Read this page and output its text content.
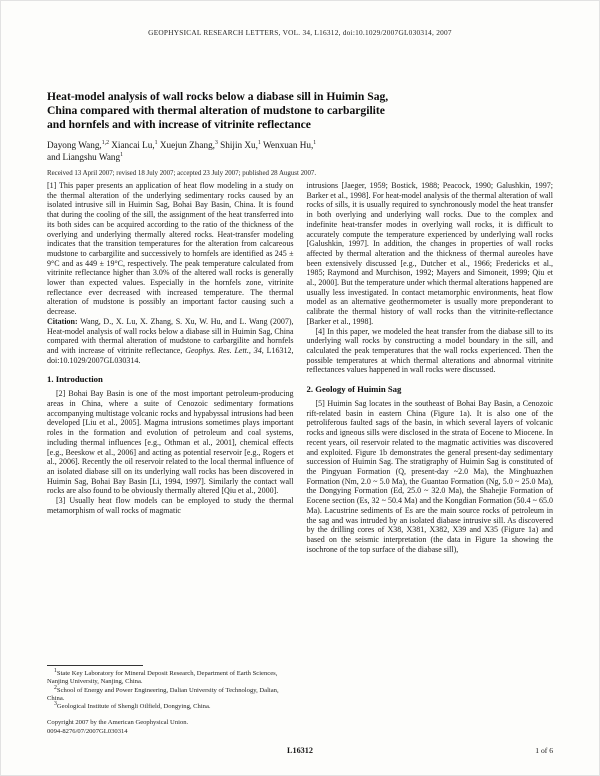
GEOPHYSICAL RESEARCH LETTERS, VOL. 34, L16312, doi:10.1029/2007GL030314, 2007
Heat-model analysis of wall rocks below a diabase sill in Huimin Sag,
China compared with thermal alteration of mudstone to carbargilite
and hornfels and with increase of vitrinite reflectance
Dayong Wang,$^{1,2}$ Xiancai Lu,$^1$ Xuejun Zhang,$^3$ Shijin Xu,$^1$ Wenxuan Hu,$^1$
and Liangshu Wang$^1$
Received 13 April 2007; revised 18 July 2007; accepted 23 July 2007; published 28 August 2007.

[1] This paper presents an application of heat flow modeling in a study on the thermal alteration of the underlying sedimentary rocks caused by an isolated intrusive sill in Huimin Sag, Bohai Bay Basin, China. It is found that during the cooling of the sill, the assignment of the heat transferred into its both sides can be acquired according to the ratio of the thickness of the overlying and underlying thermally altered rocks. Heat-transfer modeling indicates that the transition temperatures for the alteration from calcareous mudstone to carbargilite and successively to hornfels are identified as 245 ± 9°C and as 449 ± 19°C, respectively. The peak temperature calculated from vitrinite reflectance higher than 3.0% of the altered wall rocks is generally lower than expected values. Especially in the hornfels zone, vitrinite reflectance ever decreased with increased temperature. The thermal alteration of mudstone is possibly an important factor causing such a decrease.

Citation: Wang, D., X. Lu, X. Zhang, S. Xu, W. Hu, and L. Wang (2007), Heat-model analysis of wall rocks below a diabase sill in Huimin Sag, China compared with thermal alteration of mudstone to carbargilite and hornfels and with increase of vitrinite reflectance, Geophys. Res. Lett., 34, L16312, doi:10.1029/2007GL030314.

1. Introduction

[2] Bohai Bay Basin is one of the most important petroleum-producing areas in China, where a suite of Cenozoic sedimentary formations accompanying multistage volcanic rocks and hypabyssal intrusions had been developed [Liu et al., 2005]. Magma intrusions sometimes plays important roles in the formation and evolution of petroleum and coal systems, including thermal influences [e.g., Othman et al., 2001], chemical effects [e.g., Beeskow et al., 2006] and acting as potential reservoir [e.g., Rogers et al., 2006]. Recently the oil reservoir related to the local thermal influence of an isolated diabase sill on its underlying wall rocks has been discovered in Huimin Sag, Bohai Bay Basin [Li, 1994, 1997]. Similarly the contact wall rocks are also found to be obviously thermally altered [Qiu et al., 2000].

[3] Usually heat flow models can be employed to study the thermal metamorphism of wall rocks of magmatic

intrusions [Jaeger, 1959; Bostick, 1988; Peacock, 1990; Galushkin, 1997; Barker et al., 1998]. For heat-model analysis of the thermal alteration of wall rocks of sills, it is usually required to synchronously model the heat transfer in both overlying and underlying wall rocks. Due to the complex and indefinite heat-transfer modes in overlying wall rocks, it is difficult to accurately compute the temperature experienced by underlying wall rocks [Galushkin, 1997]. In addition, the changes in properties of wall rocks affected by thermal alteration and the thickness of thermal aureoles have been extensively discussed [e.g., Dutcher et al., 1966; Fredericks et al., 1985; Raymond and Murchison, 1992; Mayers and Simoneit, 1999; Qiu et al., 2000]. But the temperature under which thermal alterations happened are usually less investigated. In contact metamorphic environments, heat flow model as an alternative geothermometer is usually more preponderant to calibrate the thermal history of wall rocks than the vitrinite-reflectance [Barker et al., 1998].

[4] In this paper, we modeled the heat transfer from the diabase sill to its underlying wall rocks by constructing a model boundary in the sill, and calculated the peak temperatures that the wall rocks experienced. Then the possible temperatures at which thermal alterations and abnormal vitrinite reflectances values happened in wall rocks were discussed.

2. Geology of Huimin Sag

[5] Huimin Sag locates in the southeast of Bohai Bay Basin, a Cenozoic rift-related basin in eastern China (Figure 1a). It is also one of the petroliferous faulted sags of the basin, in which several layers of volcanic rocks and igneous sills were disclosed in the strata of Eocene to Miocene. In recent years, oil reservoir related to the magmatic activities was discovered and exploited. Figure 1b demonstrates the general present-day sedimentary succession of Huimin Sag. The stratigraphy of Huimin Sag is constituted of the Pingyuan Formation (Q, present-day ~2.0 Ma), the Minghuazhen Formation (Nm, 2.0 ~ 5.0 Ma), the Guantao Formation (Ng, 5.0 ~ 25.0 Ma), the Dongying Formation (Ed, 25.0 ~ 32.0 Ma), the Shahejie Formation of Eocene section (Es, 32 ~ 50.4 Ma) and the Kongdian Formation (50.4 ~ 65.0 Ma). Lacustrine sediments of Es are the main source rocks of petroleum in the sag and was intruded by an isolated diabase intrusive sill. As discovered by the drilling cores of X38, X381, X382, X39 and X35 (Figure 1a) and based on the seismic interpretation (the data in Figure 1a showing the isochrone of the top surface of the diabase sill),

$^1$State Key Laboratory for Mineral Deposit Research, Department of Earth Sciences, Nanjing University, Nanjing, China.
$^2$School of Energy and Power Engineering, Dalian University of Technology, Dalian, China.
$^3$Geological Institute of Shengli Oilfield, Dongying, China.
Copyright 2007 by the American Geophysical Union.
0094-8276/07/2007GL030314
L16312	1 of 6
